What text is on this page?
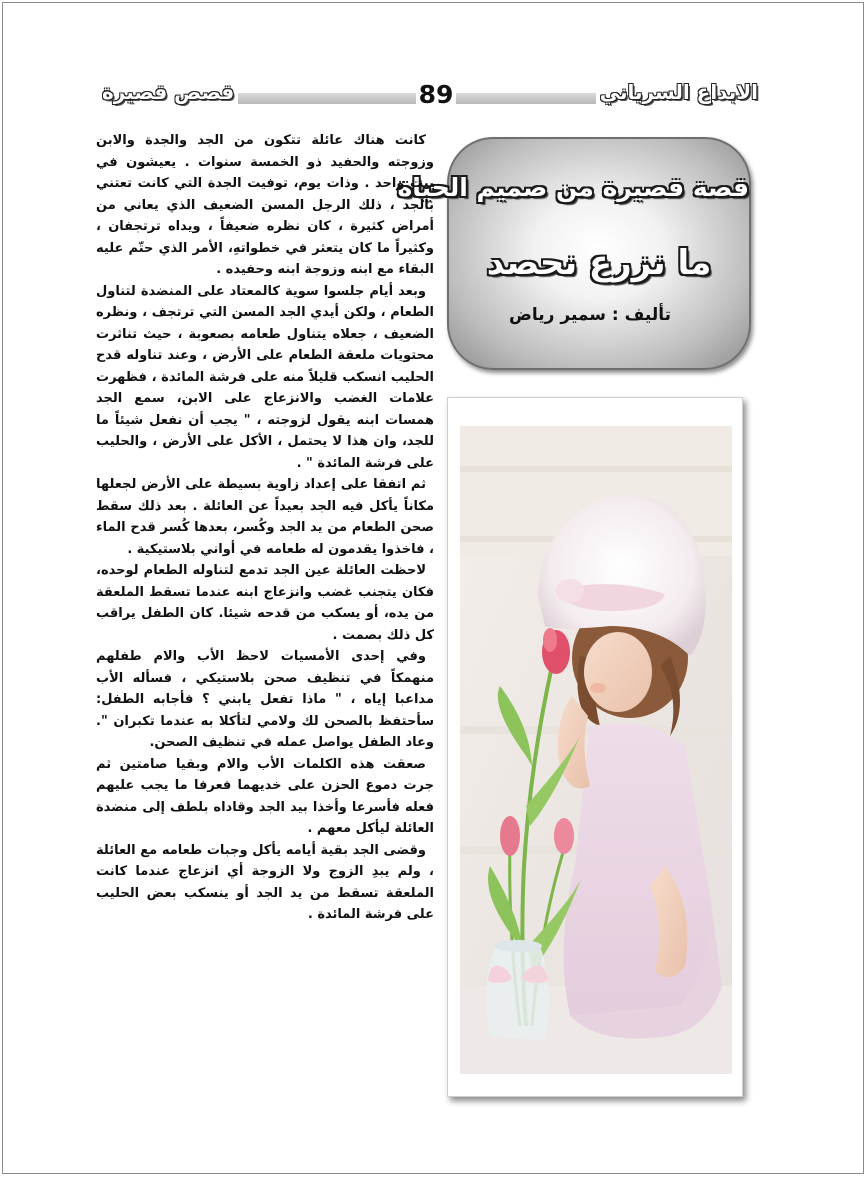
قصص قصيرة	89	الابداع السرياني
قصة قصيرة من صميم الحياة
ما نزرع نحصد
تأليف : سمير رياض

كانت هناك عائلة تتكون من الجد والجدة والابن وزوجته والحفيد ذو الخمسة سنوات . يعيشون في بيت واحد . وذات يوم، توفيت الجدة التي كانت تعتني بالجد ، ذلك الرجل المسن الضعيف الذي يعاني من أمراض كثيرة ، كان نظره ضعيفاً ، ويداه ترتجفان ، وكثيراً ما كان يتعثر في خطواتهِ، الأمر الذي حتّم عليه البقاء مع ابنه وزوجة ابنه وحفيده .

وبعد أيام جلسوا سوية كالمعتاد على المنضدة لتناول الطعام ، ولكن أيدي الجد المسن التي ترتجف ، ونظره الضعيف ، جعلاه يتناول طعامه بصعوبة ، حيث تناثرت محتويات ملعقة الطعام على الأرض ، وعند تناوله قدح الحليب انسكب قليلاً منه على فرشة المائدة ، فظهرت علامات الغضب والانزعاج على الابن، سمع الجد همسات ابنه يقول لزوجته ، " يجب أن نفعل شيئاً ما للجد، وان هذا لا يحتمل ، الأكل على الأرض ، والحليب على فرشة المائدة " .

ثم اتفقا على إعداد زاوية بسيطة على الأرض لجعلها مكاناً يأكل فيه الجد بعيداً عن العائلة . بعد ذلك سقط صحن الطعام من يد الجد وكُسر، بعدها كُسر قدح الماء ، فاخذوا يقدمون له طعامه في أواني بلاستيكية .

لاحظت العائلة عين الجد تدمع لتناوله الطعام لوحده، فكان يتجنب غضب وانزعاج ابنه عندما تسقط الملعقة من يده، أو يسكب من قدحه شيئا. كان الطفل يراقب كل ذلك بصمت .

وفي إحدى الأمسيات لاحظ الأب والام طفلهم منهمكاً في تنظيف صحن بلاستيكي ، فسأله الأب مداعبا إياه ، " ماذا تفعل يابني ؟ فأجابه الطفل: سأحتفظ بالصحن لك ولامي لتأكلا به عندما تكبران ". وعاد الطفل يواصل عمله في تنظيف الصحن.

صعقت هذه الكلمات الأب والام وبقيا صامتين ثم جرت دموع الحزن على خديهما فعرفا ما يجب عليهم فعله فأسرعا وأخذا بيد الجد وقاداه بلطف إلى منضدة العائلة ليأكل معهم .

وقضى الجد بقية أيامه يأكل وجبات طعامه مع العائلة ، ولم يبدِ الزوج ولا الزوجة أي انزعاج عندما كانت الملعقة تسقط من يد الجد أو ينسكب بعض الحليب على فرشة المائدة .
